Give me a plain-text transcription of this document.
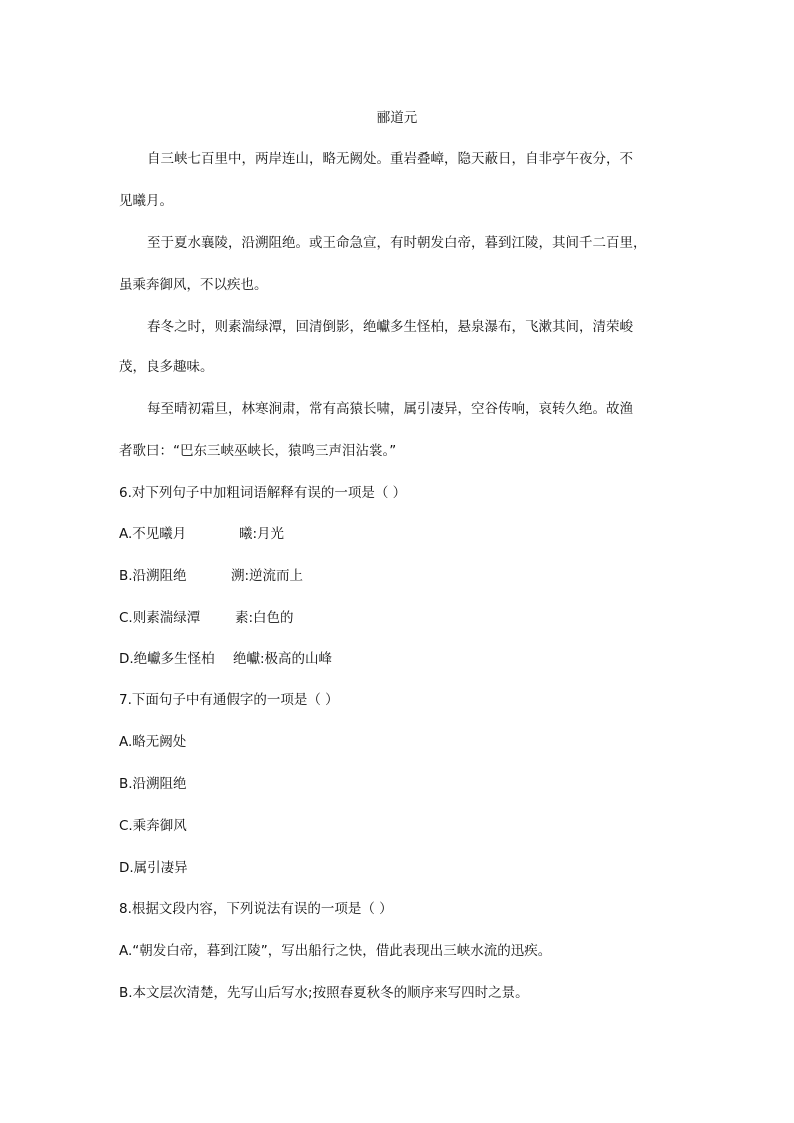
郦道元
自三峡七百里中，两岸连山，略无阙处。重岩叠嶂，隐天蔽日，自非亭午夜分，不
见曦月。
至于夏水襄陵，沿溯阻绝。或王命急宣，有时朝发白帝，暮到江陵，其间千二百里，
虽乘奔御风，不以疾也。
春冬之时，则素湍绿潭，回清倒影，绝巘多生怪柏，悬泉瀑布，飞漱其间，清荣峻
茂，良多趣味。
每至晴初霜旦，林寒涧肃，常有高猿长啸，属引凄异，空谷传响，哀转久绝。故渔
者歌曰：“巴东三峡巫峡长，猿鸣三声泪沾裳。”
6.对下列句子中加粗词语解释有误的一项是（ ）
A.不见曦月	曦:月光
B.沿溯阻绝	溯:逆流而上
C.则素湍绿潭	素:白色的
D.绝巘多生怪柏 绝巘:极高的山峰
7.下面句子中有通假字的一项是（ ）
A.略无阙处
B.沿溯阻绝
C.乘奔御风
D.属引凄异
8.根据文段内容，下列说法有误的一项是（ ）
A.“朝发白帝，暮到江陵”，写出船行之快，借此表现出三峡水流的迅疾。
B.本文层次清楚，先写山后写水;按照春夏秋冬的顺序来写四时之景。
